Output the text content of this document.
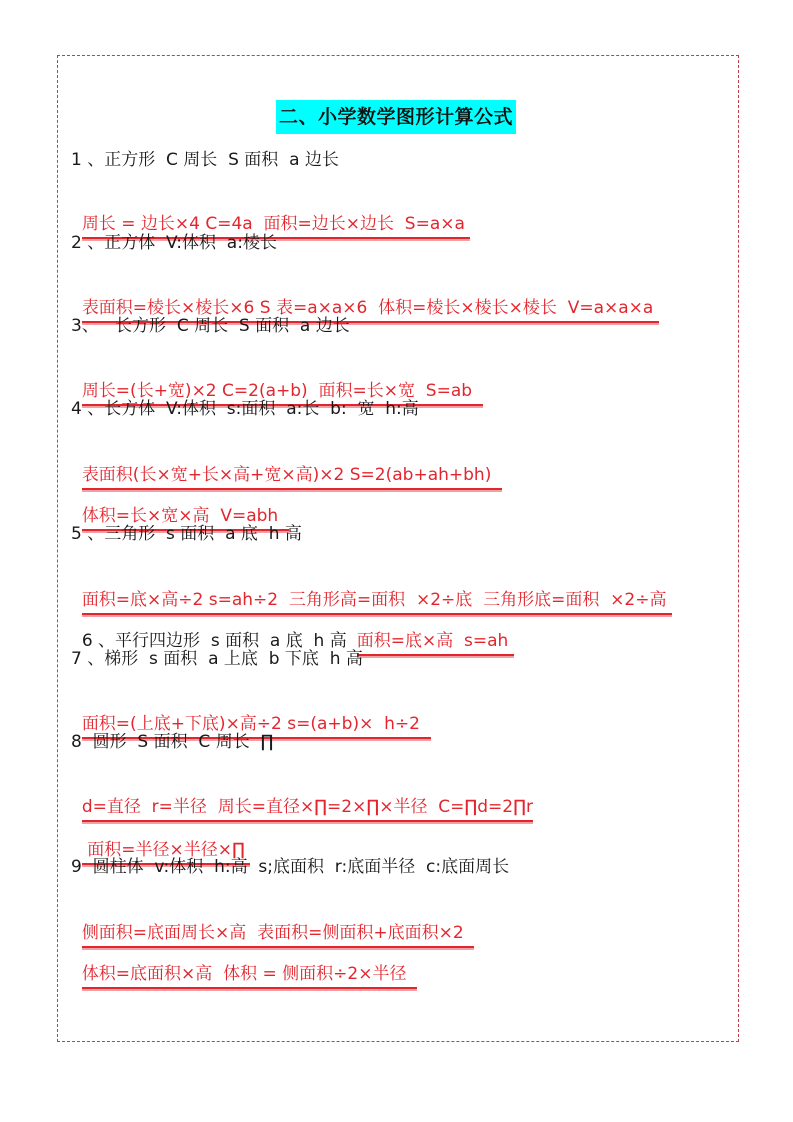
二、小学数学图形计算公式
1 、正方形  C 周长  S 面积  a 边长

周长 = 边长×4 C=4a  面积=边长×边长  S=a×a

2 、正方体  V:体积  a:棱长

表面积=棱长×棱长×6 S 表=a×a×6  体积=棱长×棱长×棱长  V=a×a×a

3、   长方形  C 周长  S 面积  a 边长

周长=(长+宽)×2 C=2(a+b)  面积=长×宽  S=ab

4 、长方体  V:体积  s:面积  a:长  b:  宽  h:高

表面积(长×宽+长×高+宽×高)×2 S=2(ab+ah+bh)

体积=长×宽×高  V=abh

5 、三角形  s 面积  a 底  h 高

面积=底×高÷2 s=ah÷2  三角形高=面积  ×2÷底  三角形底=面积  ×2÷高

6 、平行四边形  s 面积  a 底  h 高 面积=底×高  s=ah

7 、梯形  s 面积  a 上底  b 下底  h 高

面积=(上底+下底)×高÷2 s=(a+b)×  h÷2

8  圆形  S 面积  C 周长  ∏

d=直径  r=半径  周长=直径×∏=2×∏×半径  C=∏d=2∏r

面积=半径×半径×∏

9  圆柱体  v:体积  h:高  s;底面积  r:底面半径  c:底面周长

侧面积=底面周长×高  表面积=侧面积+底面积×2

体积=底面积×高  体积 = 侧面积÷2×半径
